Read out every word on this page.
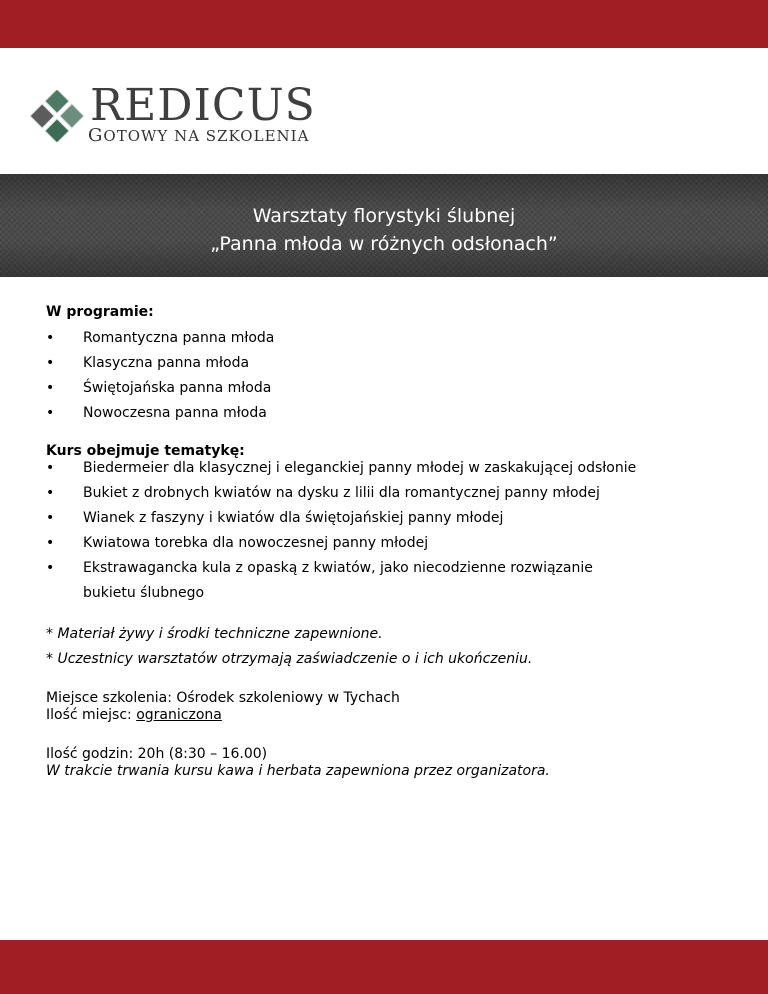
REDICUS
GOTOWY NA SZKOLENIA
Warsztaty florystyki ślubnej
„Panna młoda w różnych odsłonach”

W programie:

• Romantyczna panna młoda
• Klasyczna panna młoda
• Świętojańska panna młoda
• Nowoczesna panna młoda

Kurs obejmuje tematykę:

• Biedermeier dla klasycznej i eleganckiej panny młodej w zaskakującej odsłonie
• Bukiet z drobnych kwiatów na dysku z lilii dla romantycznej panny młodej
• Wianek z faszyny i kwiatów dla świętojańskiej panny młodej
• Kwiatowa torebka dla nowoczesnej panny młodej
• Ekstrawagancka kula z opaską z kwiatów, jako niecodzienne rozwiązanie
bukietu ślubnego
* Materiał żywy i środki techniczne zapewnione.
* Uczestnicy warsztatów otrzymają zaświadczenie o i ich ukończeniu.
Miejsce szkolenia: Ośrodek szkoleniowy w Tychach
Ilość miejsc: ograniczona
Ilość godzin: 20h (8:30 – 16.00)
W trakcie trwania kursu kawa i herbata zapewniona przez organizatora.
